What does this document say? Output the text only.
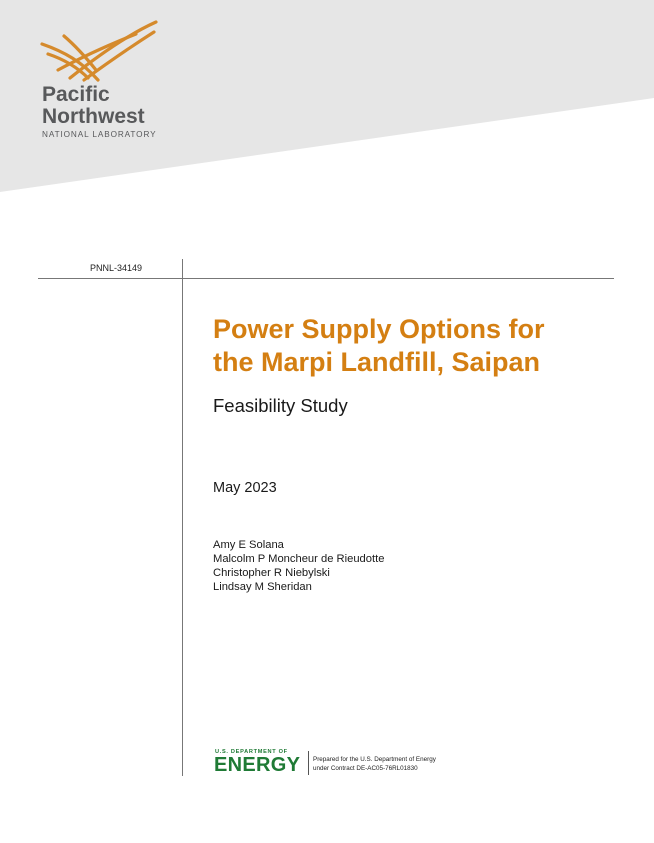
Pacific
Northwest
NATIONAL LABORATORY
PNNL-34149
Power Supply Options for
the Marpi Landfill, Saipan
Feasibility Study
May 2023
Amy E Solana
Malcolm P Moncheur de Rieudotte
Christopher R Niebylski
Lindsay M Sheridan
U.S. DEPARTMENT OF
ENERGY Prepared for the U.S. Department of Energy
under Contract DE-AC05-76RL01830
